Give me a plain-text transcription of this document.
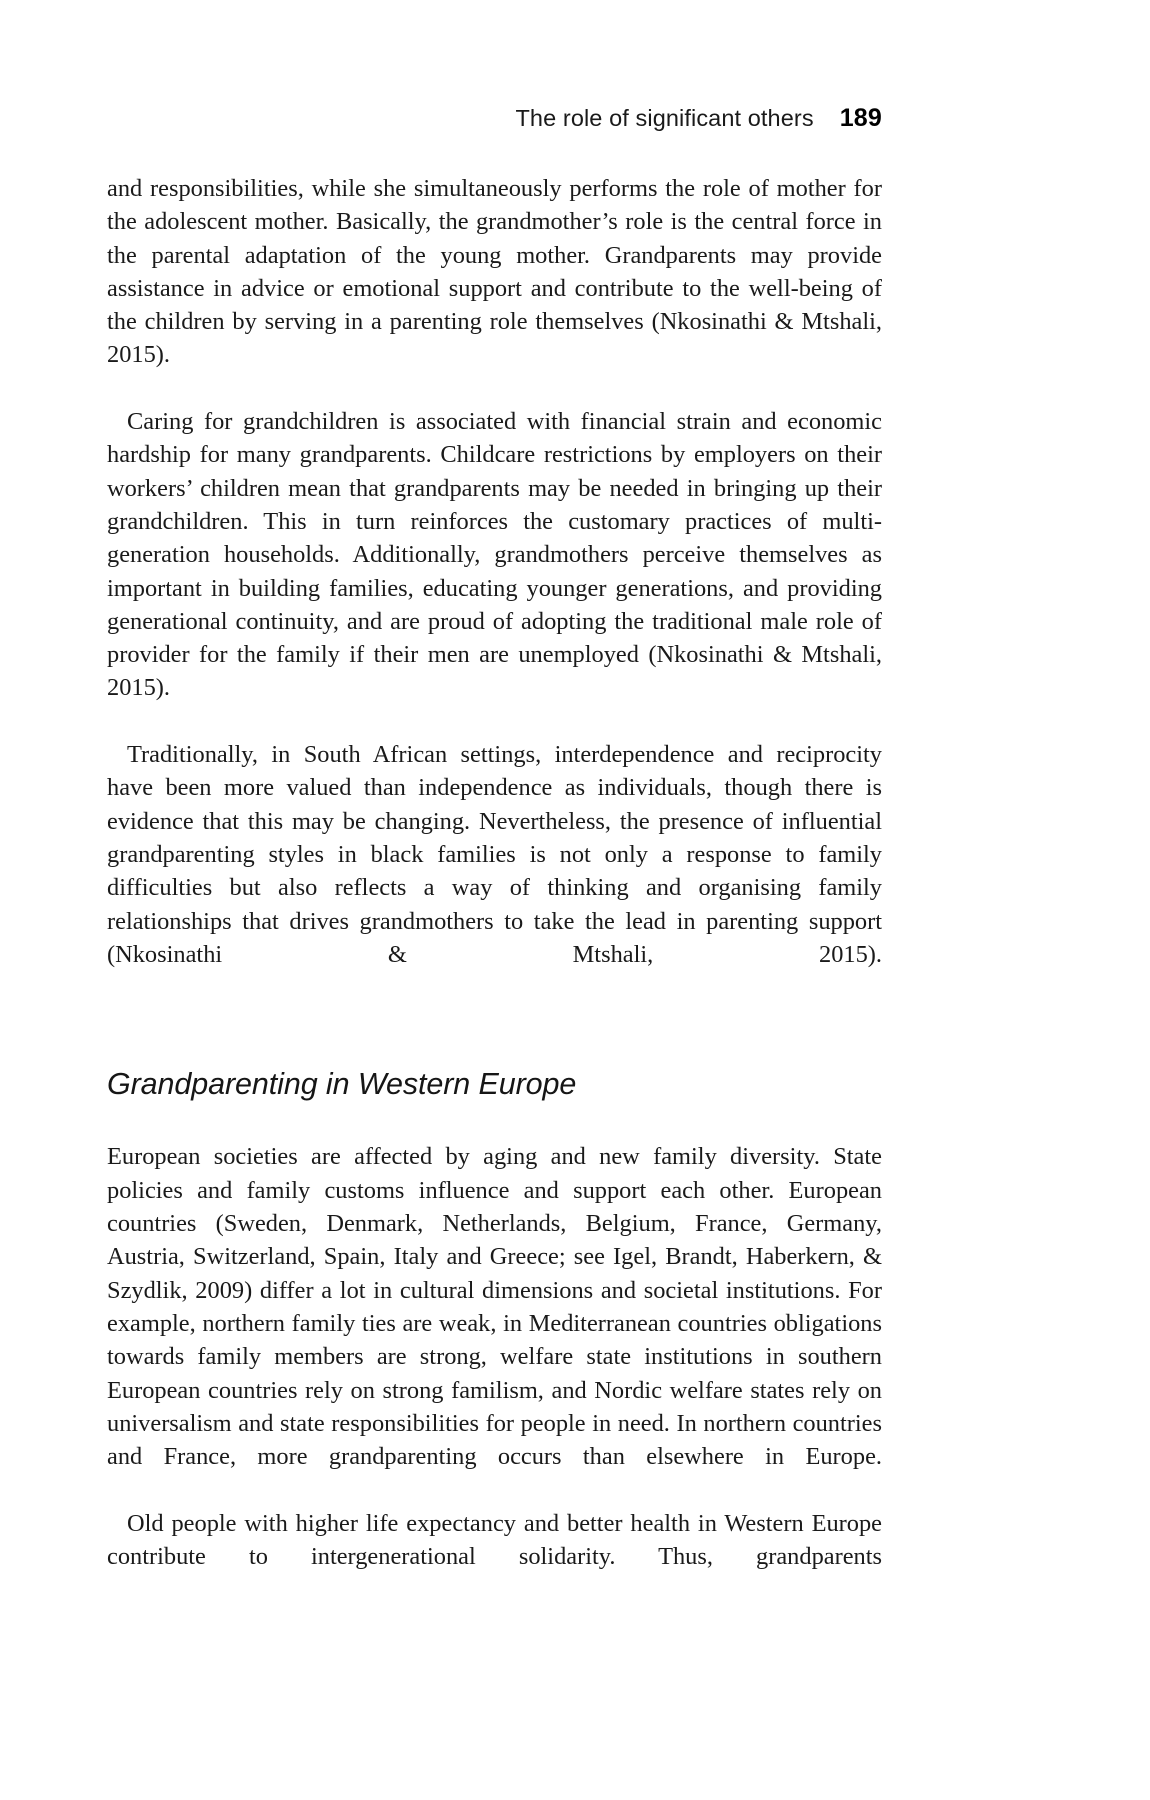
The role of significant others 189

and responsibilities, while she simultaneously performs the role of mother for the adolescent mother. Basically, the grandmother’s role is the central force in the parental adaptation of the young mother. Grandparents may provide assistance in advice or emotional support and contribute to the well-being of the children by serving in a parenting role themselves (Nkosinathi & Mtshali, 2015).

Caring for grandchildren is associated with financial strain and economic hardship for many grandparents. Childcare restrictions by employers on their workers’ children mean that grandparents may be needed in bringing up their grandchildren. This in turn reinforces the customary practices of multi-generation households. Additionally, grandmothers perceive themselves as important in building families, educating younger generations, and providing generational continuity, and are proud of adopting the traditional male role of provider for the family if their men are unemployed (Nkosinathi & Mtshali, 2015).

Traditionally, in South African settings, interdependence and reciprocity have been more valued than independence as individuals, though there is evidence that this may be changing. Nevertheless, the presence of influential grandparenting styles in black families is not only a response to family difficulties but also reflects a way of thinking and organising family relationships that drives grandmothers to take the lead in parenting support (Nkosinathi & Mtshali, 2015).

Grandparenting in Western Europe

European societies are affected by aging and new family diversity. State policies and family customs influence and support each other. European countries (Sweden, Denmark, Netherlands, Belgium, France, Germany, Austria, Switzerland, Spain, Italy and Greece; see Igel, Brandt, Haberkern, & Szydlik, 2009) differ a lot in cultural dimensions and societal institutions. For example, northern family ties are weak, in Mediterranean countries obligations towards family members are strong, welfare state institutions in southern European countries rely on strong familism, and Nordic welfare states rely on universalism and state responsibilities for people in need. In northern countries and France, more grandparenting occurs than elsewhere in Europe.

Old people with higher life expectancy and better health in Western Europe contribute to intergenerational solidarity. Thus, grandparents
